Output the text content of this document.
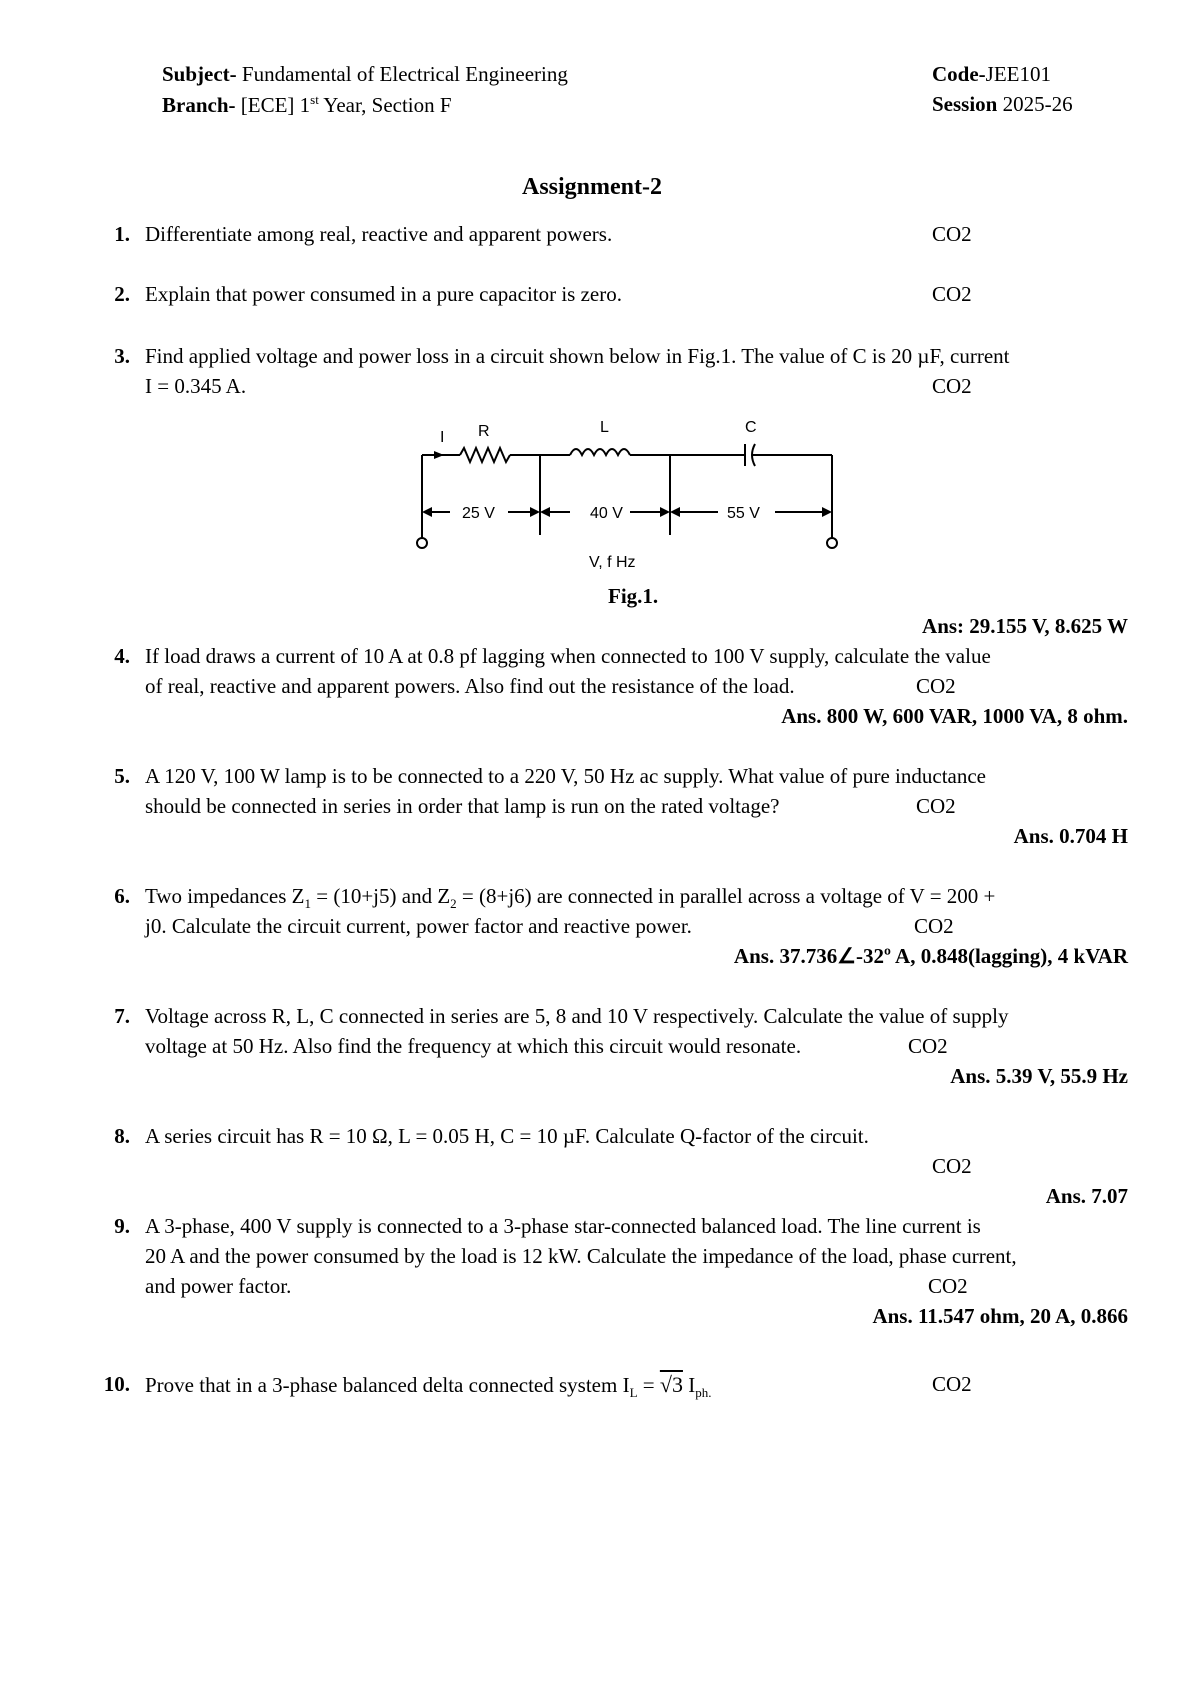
Subject- Fundamental of Electrical Engineering	Code-JEE101
Branch- [ECE] 1st Year, Section F	Session 2025-26
Assignment-2
1. Differentiate among real, reactive and apparent powers.	CO2
2. Explain that power consumed in a pure capacitor is zero.	CO2
3. Find applied voltage and power loss in a circuit shown below in Fig.1. The value of C is 20 µF, current
I = 0.345 A.	CO2
I R	L	C
25 V	40 V	55 V
V, f Hz
Fig.1.
Ans: 29.155 V, 8.625 W
4. If load draws a current of 10 A at 0.8 pf lagging when connected to 100 V supply, calculate the value
of real, reactive and apparent powers. Also find out the resistance of the load.	CO2
Ans. 800 W, 600 VAR, 1000 VA, 8 ohm.
5. A 120 V, 100 W lamp is to be connected to a 220 V, 50 Hz ac supply. What value of pure inductance
should be connected in series in order that lamp is run on the rated voltage?	CO2
Ans. 0.704 H
6. Two impedances $Z_1 = (10+j5)$ and $Z_2 = (8+j6)$ are connected in parallel across a voltage of V = 200 +
j0. Calculate the circuit current, power factor and reactive power.	CO2
Ans. 37.736∠-32º A, 0.848(lagging), 4 kVAR
7. Voltage across R, L, C connected in series are 5, 8 and 10 V respectively. Calculate the value of supply
voltage at 50 Hz. Also find the frequency at which this circuit would resonate.	CO2
Ans. 5.39 V, 55.9 Hz
8. A series circuit has R = 10 Ω, L = 0.05 H, C = 10 µF. Calculate Q-factor of the circuit.
CO2
Ans. 7.07
9. A 3-phase, 400 V supply is connected to a 3-phase star-connected balanced load. The line current is
20 A and the power consumed by the load is 12 kW. Calculate the impedance of the load, phase current,
and power factor.	CO2
Ans. 11.547 ohm, 20 A, 0.866
10. Prove that in a 3-phase balanced delta connected system $I_L = √3$ $I_{ph.}$	CO2
